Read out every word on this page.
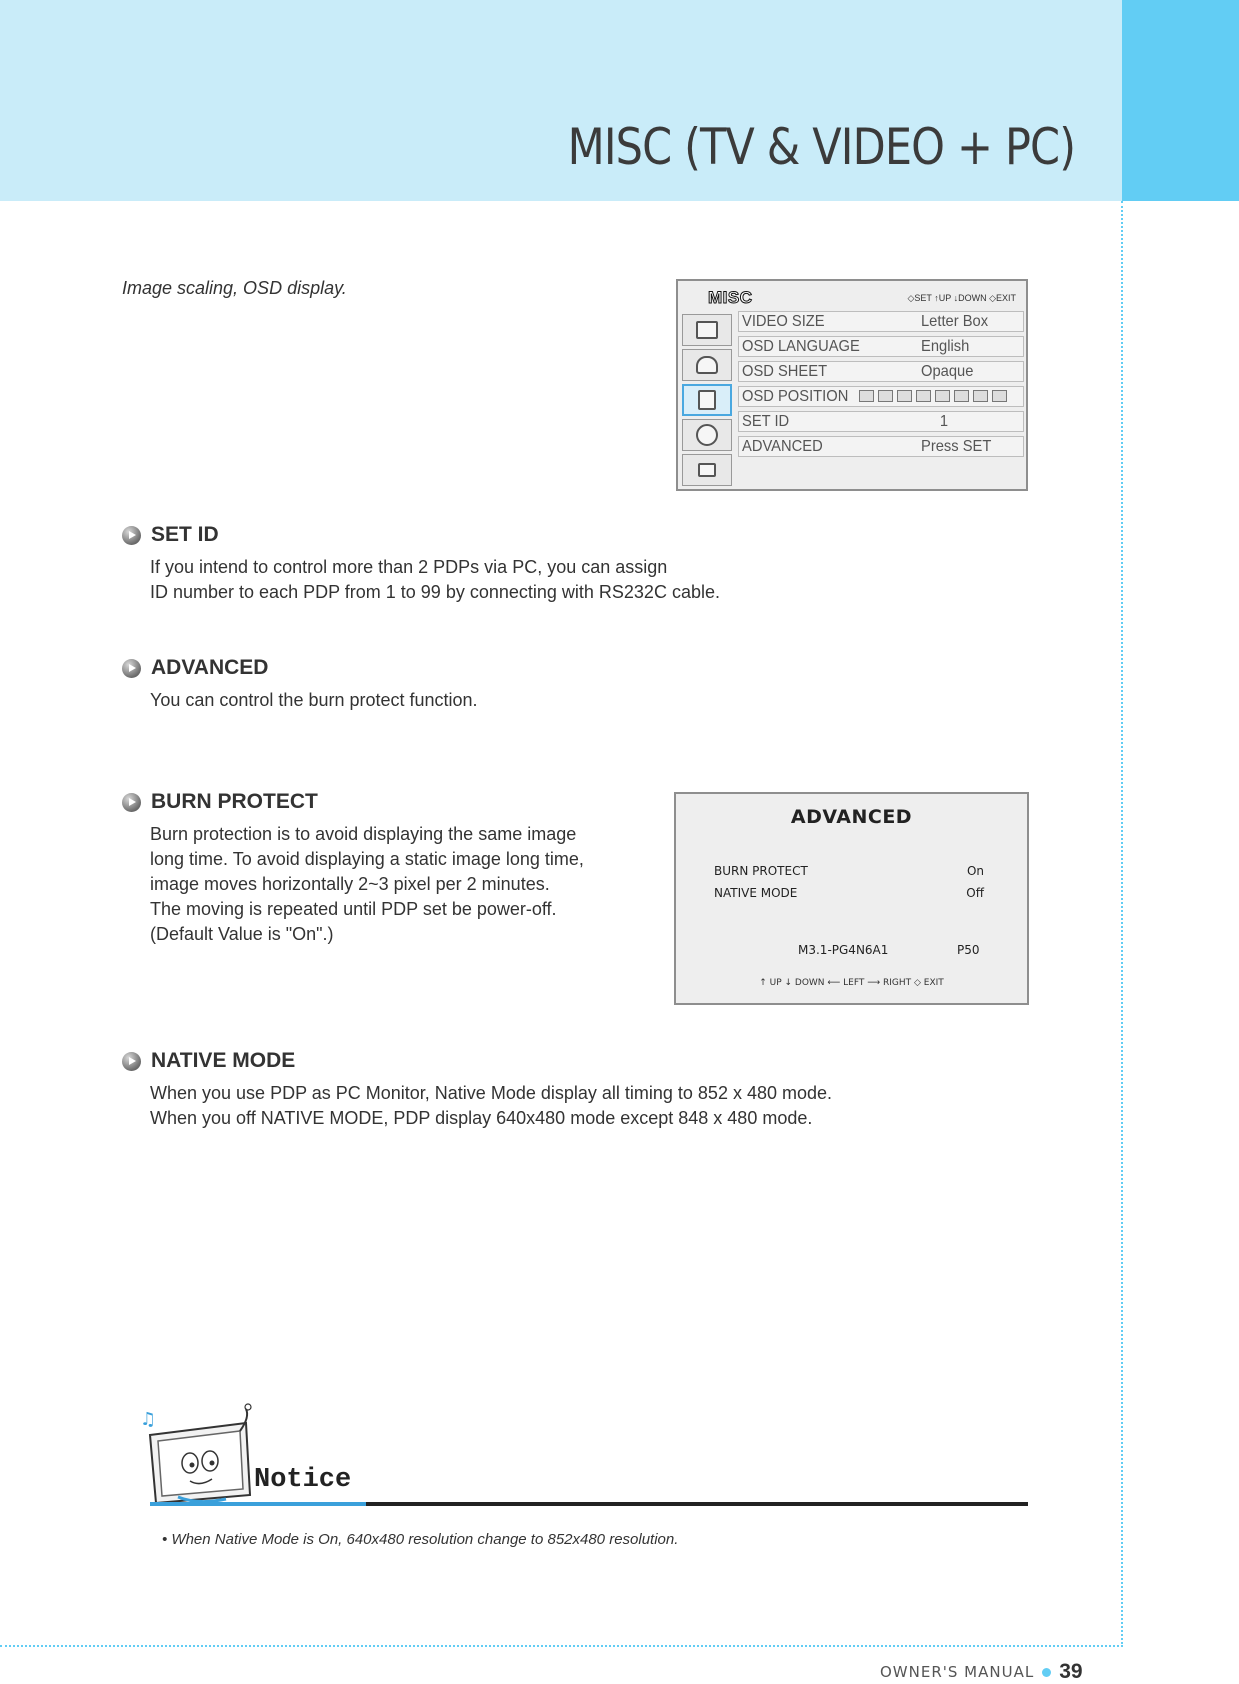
MISC (TV & VIDEO + PC)
Image scaling, OSD display.	MISC	◇SET ↑UP ↓DOWN ◇EXIT
VIDEO SIZE	Letter Box
OSD LANGUAGE	English
OSD SHEET	Opaque
OSD POSITION
SET ID	1
ADVANCED	Press SET
SET ID
If you intend to control more than 2 PDPs via PC, you can assign
ID number to each PDP from 1 to 99 by connecting with RS232C cable.
ADVANCED
You can control the burn protect function.
BURN PROTECT
Burn protection is to avoid displaying the same image
long time. To avoid displaying a static image long time,
image moves horizontally 2~3 pixel per 2 minutes.
The moving is repeated until PDP set be power-off.
(Default Value is "On".)
ADVANCED
BURN PROTECT	On
NATIVE MODE	Off
M3.1-PG4N6A1	P50
↑ UP ↓ DOWN ⟵ LEFT ⟶ RIGHT ◇ EXIT
NATIVE MODE
When you use PDP as PC Monitor, Native Mode display all timing to 852 x 480 mode.
When you off NATIVE MODE, PDP display 640x480 mode except 848 x 480 mode.
♫
Notice
• When Native Mode is On, 640x480 resolution change to 852x480 resolution.
OWNER'S MANUAL 39
